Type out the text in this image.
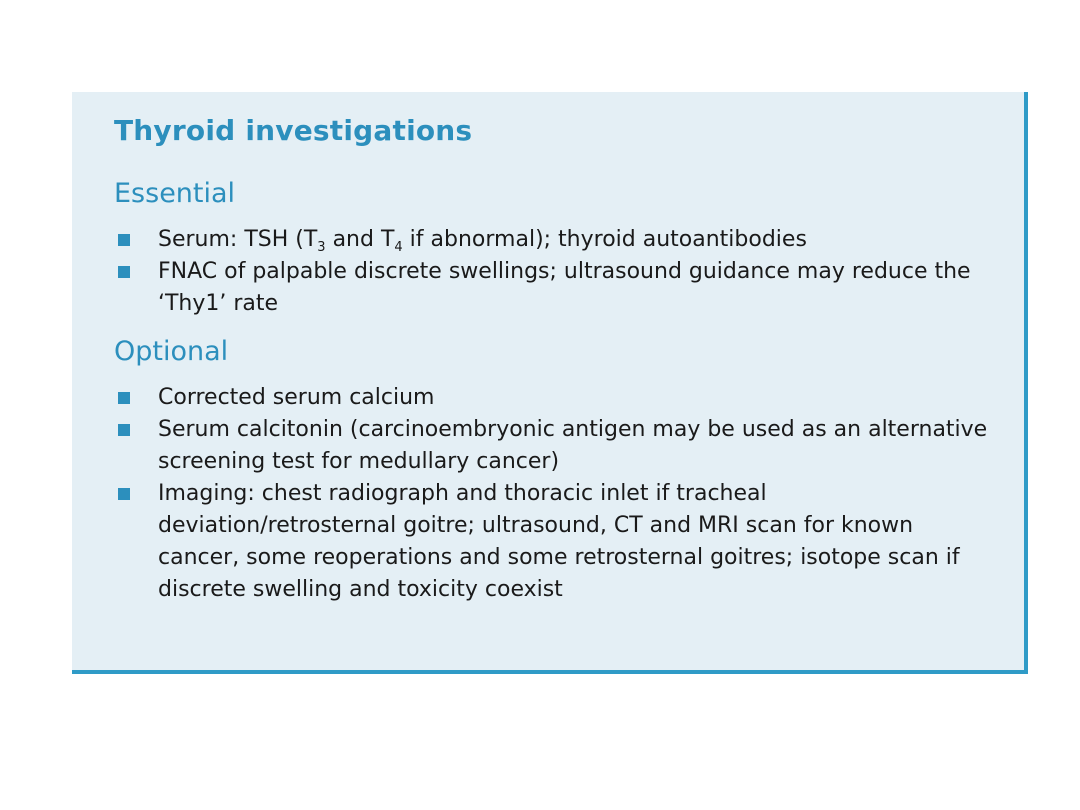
Thyroid investigations
Essential
Serum: TSH ($T_3$ and $T_4$ if abnormal); thyroid autoantibodies
FNAC of palpable discrete swellings; ultrasound guidance may reduce the ‘Thy1’ rate
Optional
Corrected serum calcium
Serum calcitonin (carcinoembryonic antigen may be used as an alternative screening test for medullary cancer)
Imaging: chest radiograph and thoracic inlet if tracheal deviation/retrosternal goitre; ultrasound, CT and MRI scan for known cancer, some reoperations and some retrosternal goitres; isotope scan if discrete swelling and toxicity coexist
